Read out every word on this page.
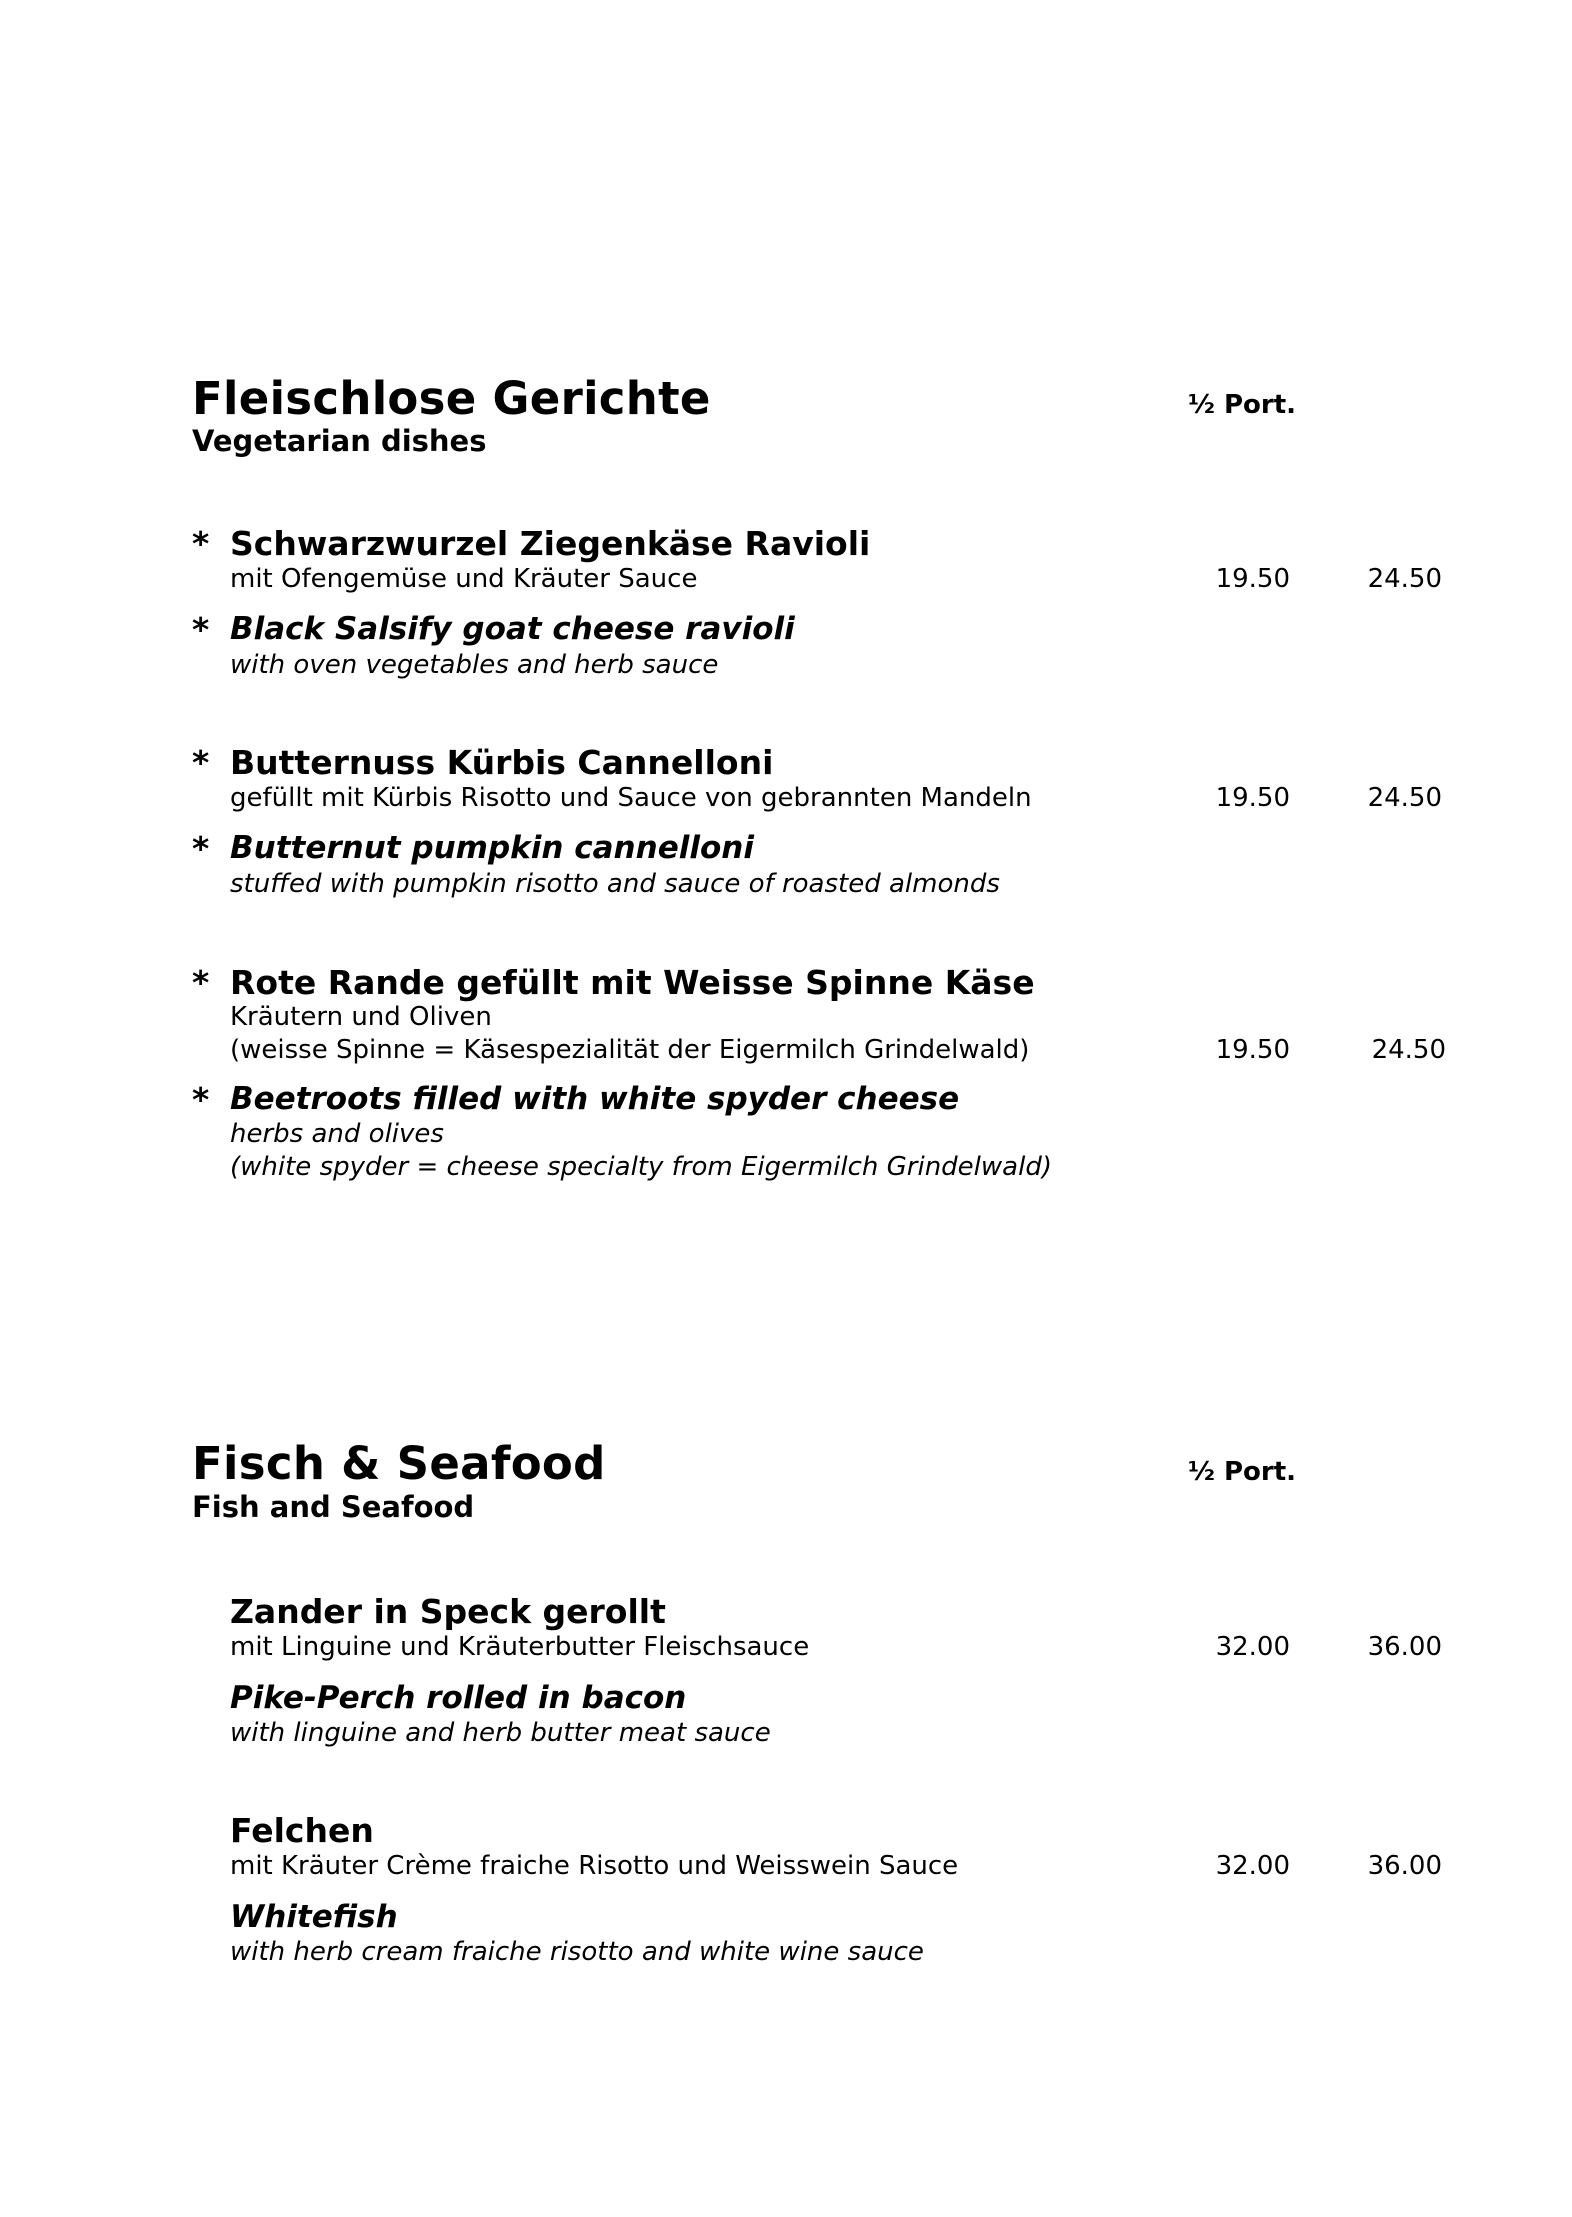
Fleischlose Gerichte	½ Port.
Vegetarian dishes
* Schwarzwurzel Ziegenkäse Ravioli
mit Ofengemüse und Kräuter Sauce	19.50	24.50
* Black Salsify goat cheese ravioli
with oven vegetables and herb sauce
* Butternuss Kürbis Cannelloni
gefüllt mit Kürbis Risotto und Sauce von gebrannten Mandeln	19.50	24.50
* Butternut pumpkin cannelloni
stuffed with pumpkin risotto and sauce of roasted almonds
* Rote Rande gefüllt mit Weisse Spinne Käse
Kräutern und Oliven
(weisse Spinne = Käsespezialität der Eigermilch Grindelwald)	19.50	24.50
* Beetroots filled with white spyder cheese
herbs and olives
(white spyder = cheese specialty from Eigermilch Grindelwald)
Fisch & Seafood	½ Port.
Fish and Seafood
Zander in Speck gerollt
mit Linguine und Kräuterbutter Fleischsauce	32.00	36.00
Pike-Perch rolled in bacon
with linguine and herb butter meat sauce
Felchen
mit Kräuter Crème fraiche Risotto und Weisswein Sauce	32.00	36.00
Whitefish
with herb cream fraiche risotto and white wine sauce
